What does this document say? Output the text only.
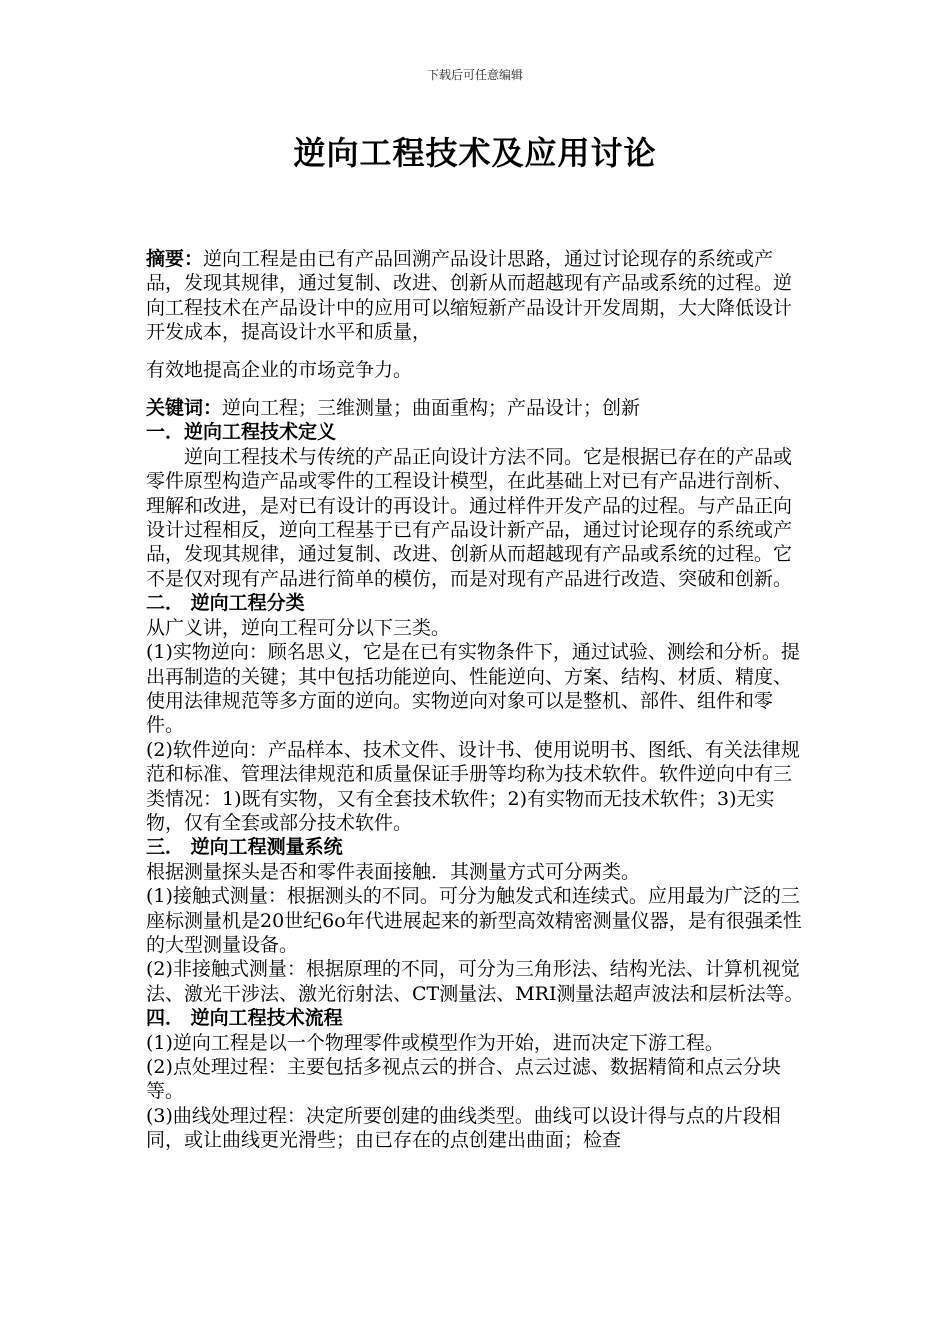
下载后可任意编辑
逆向工程技术及应用讨论

摘要：逆向工程是由已有产品回溯产品设计思路，通过讨论现存的系统或产品，发现其规律，通过复制、改进、创新从而超越现有产品或系统的过程。逆向工程技术在产品设计中的应用可以缩短新产品设计开发周期，大大降低设计开发成本，提高设计水平和质量，

有效地提高企业的市场竞争力。

关键词：逆向工程；三维测量；曲面重构；产品设计；创新

一．逆向工程技术定义

逆向工程技术与传统的产品正向设计方法不同。它是根据已存在的产品或零件原型构造产品或零件的工程设计模型，在此基础上对已有产品进行剖析、理解和改进，是对已有设计的再设计。通过样件开发产品的过程。与产品正向设计过程相反，逆向工程基于已有产品设计新产品，通过讨论现存的系统或产品，发现其规律，通过复制、改进、创新从而超越现有产品或系统的过程。它不是仅对现有产品进行简单的模仿，而是对现有产品进行改造、突破和创新。

二． 逆向工程分类

从广义讲，逆向工程可分以下三类。

(1)实物逆向：顾名思义，它是在已有实物条件下，通过试验、测绘和分析。提出再制造的关键；其中包括功能逆向、性能逆向、方案、结构、材质、精度、使用法律规范等多方面的逆向。实物逆向对象可以是整机、部件、组件和零件。

(2)软件逆向：产品样本、技术文件、设计书、使用说明书、图纸、有关法律规范和标准、管理法律规范和质量保证手册等均称为技术软件。软件逆向中有三类情况：1)既有实物，又有全套技术软件；2)有实物而无技术软件；3)无实物，仅有全套或部分技术软件。

三． 逆向工程测量系统

根据测量探头是否和零件表面接触．其测量方式可分两类。

(1)接触式测量：根据测头的不同。可分为触发式和连续式。应用最为广泛的三座标测量机是20世纪6o年代进展起来的新型高效精密测量仪器，是有很强柔性的大型测量设备。

(2)非接触式测量：根据原理的不同，可分为三角形法、结构光法、计算机视觉法、激光干涉法、激光衍射法、CT测量法、MRI测量法超声波法和层析法等。

四． 逆向工程技术流程

(1)逆向工程是以一个物理零件或模型作为开始，进而决定下游工程。

(2)点处理过程：主要包括多视点云的拼合、点云过滤、数据精简和点云分块等。

(3)曲线处理过程：决定所要创建的曲线类型。曲线可以设计得与点的片段相同，或让曲线更光滑些；由已存在的点创建出曲面；检查
